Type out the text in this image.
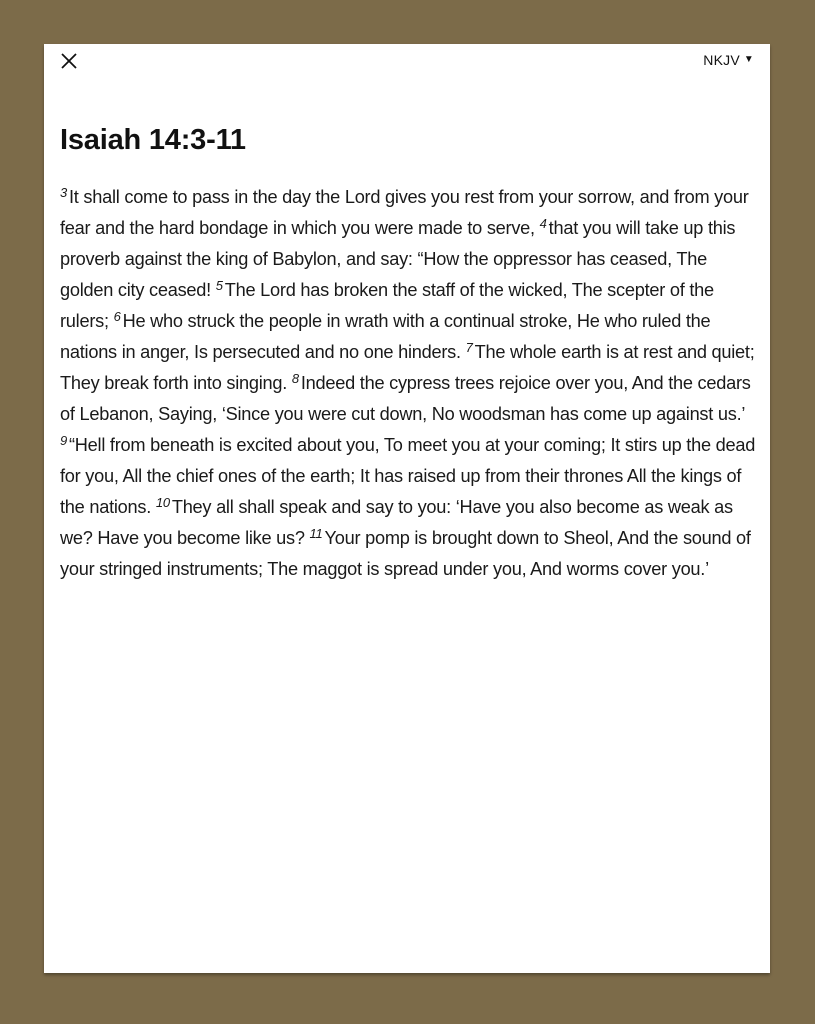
NKJV ▼
Isaiah 14:3-11

$^3$ It shall come to pass in the day the Lord gives you rest from your sorrow, and from your fear and the hard bondage in which you were made to serve, $^4$ that you will take up this proverb against the king of Babylon, and say: “How the oppressor has ceased, The golden city ceased! $^5$ The Lord has broken the staff of the wicked, The scepter of the rulers; $^6$ He who struck the people in wrath with a continual stroke, He who ruled the nations in anger, Is persecuted and no one hinders. $^7$ The whole earth is at rest and quiet; They break forth into singing. $^8$ Indeed the cypress trees rejoice over you, And the cedars of Lebanon, Saying, ‘Since you were cut down, No woodsman has come up against us.’ $^9$ “Hell from beneath is excited about you, To meet you at your coming; It stirs up the dead for you, All the chief ones of the earth; It has raised up from their thrones All the kings of the nations. $^{10}$ They all shall speak and say to you: ‘Have you also become as weak as we? Have you become like us? $^{11}$ Your pomp is brought down to Sheol, And the sound of your stringed instruments; The maggot is spread under you, And worms cover you.’
